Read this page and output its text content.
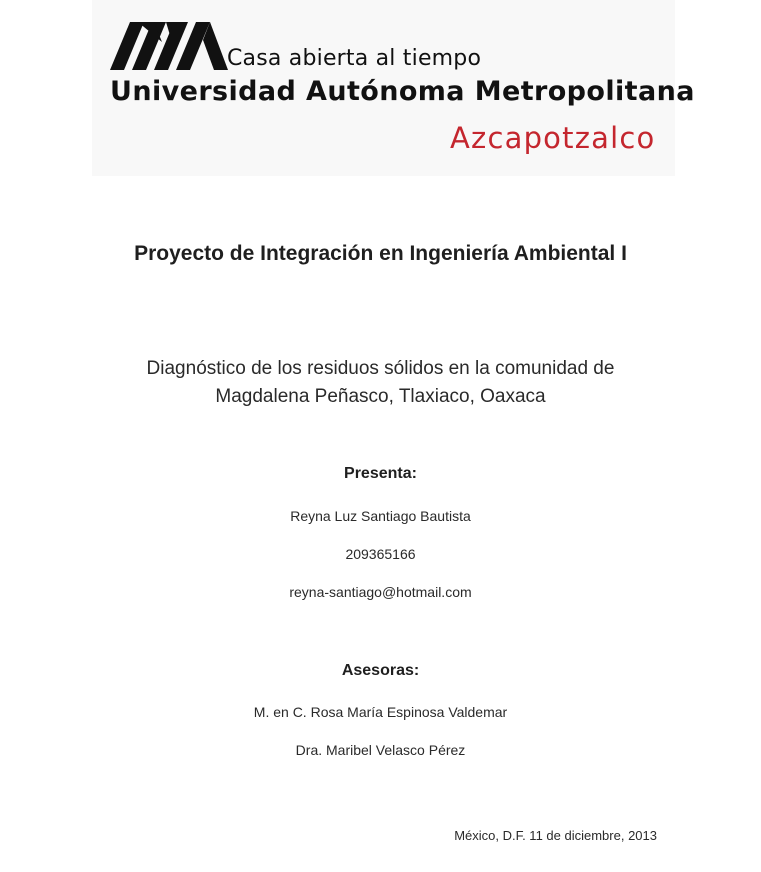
Casa abierta al tiempo
Universidad Autónoma Metropolitana
Azcapotzalco
Proyecto de Integración en Ingeniería Ambiental I
Diagnóstico de los residuos sólidos en la comunidad de
Magdalena Peñasco, Tlaxiaco, Oaxaca
Presenta:
Reyna Luz Santiago Bautista
209365166
reyna-santiago@hotmail.com
Asesoras:
M. en C. Rosa María Espinosa Valdemar
Dra. Maribel Velasco Pérez
México, D.F. 11 de diciembre, 2013
